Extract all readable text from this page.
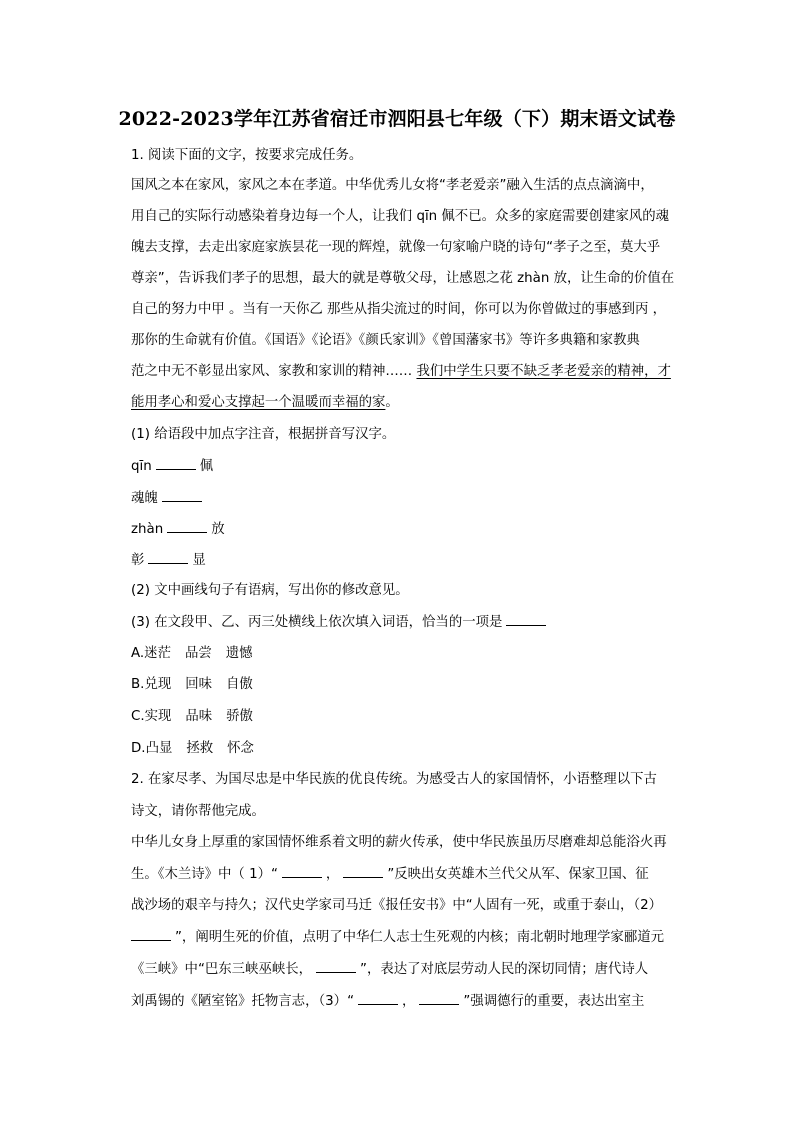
2022-2023学年江苏省宿迁市泗阳县七年级（下）期末语文试卷
1. 阅读下面的文字，按要求完成任务。
国风之本在家风，家风之本在孝道。中华优秀儿女将“孝老爱亲”融入生活的点点滴滴中，
用自己的实际行动感染着身边每一个人，让我们 qīn 佩不已。众多的家庭需要创建家风的魂
魄去支撑，去走出家庭家族昙花一现的辉煌，就像一句家喻户晓的诗句“孝子之至，莫大乎
尊亲”，告诉我们孝子的思想，最大的就是尊敬父母，让感恩之花 zhàn 放，让生命的价值在
自己的努力中甲 。当有一天你乙 那些从指尖流过的时间，你可以为你曾做过的事感到丙 ，
那你的生命就有价值。《国语》《论语》《颜氏家训》《曾国藩家书》等许多典籍和家教典
范之中无不彰显出家风、家教和家训的精神…… 我们中学生只要不缺乏孝老爱亲的精神，才
能用孝心和爱心支撑起一个温暖而幸福的家。
(1) 给语段中加点字注音，根据拼音写汉字。
qīn	佩
魂魄
zhàn	放
彰	显
(2) 文中画线句子有语病，写出你的修改意见。
(3) 在文段甲、乙、丙三处横线上依次填入词语，恰当的一项是
A.迷茫 品尝 遗憾
B.兑现 回味 自傲
C.实现 品味 骄傲
D.凸显 拯救 怀念
2. 在家尽孝、为国尽忠是中华民族的优良传统。为感受古人的家国情怀，小语整理以下古
诗文，请你帮他完成。
中华儿女身上厚重的家国情怀维系着文明的薪火传承，使中华民族虽历尽磨难却总能浴火再
生。《木兰诗》中（ 1）“	，	”反映出女英雄木兰代父从军、保家卫国、征
战沙场的艰辛与持久；汉代史学家司马迁《报任安书》中“人固有一死，或重于泰山，（2）
”，阐明生死的价值，点明了中华仁人志士生死观的内核；南北朝时地理学家郦道元
《三峡》中“巴东三峡巫峡长，	”，表达了对底层劳动人民的深切同情；唐代诗人
刘禹锡的《陋室铭》托物言志，（3）“	，	”强调德行的重要，表达出室主
